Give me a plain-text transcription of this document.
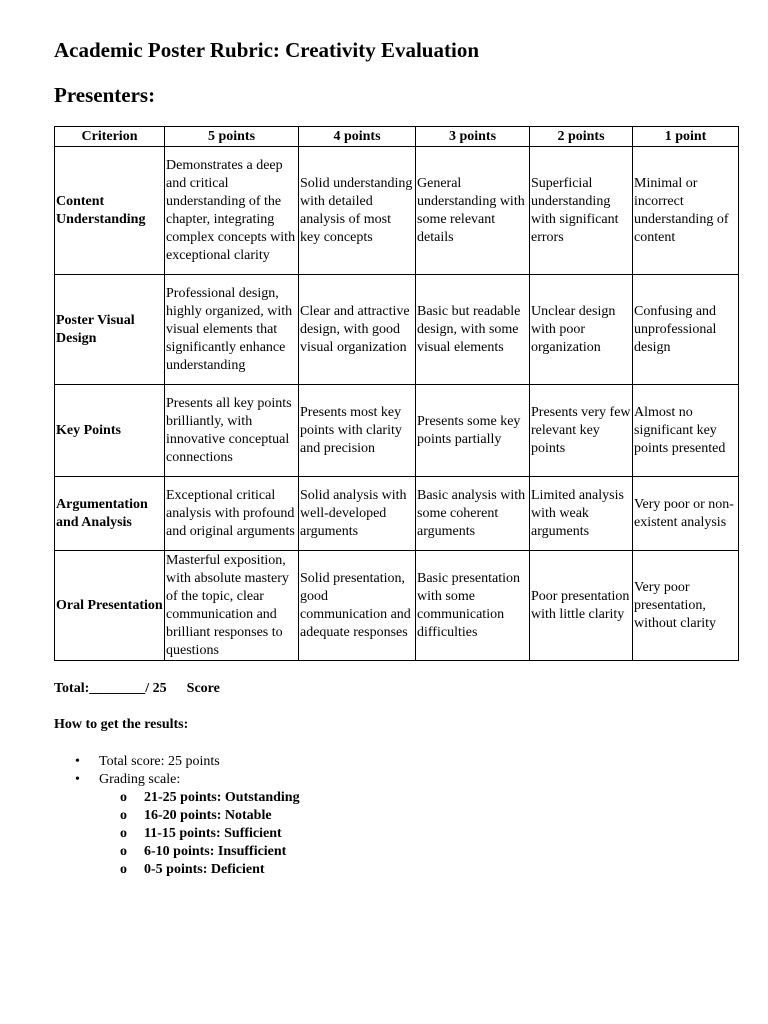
Academic Poster Rubric: Creativity Evaluation
Presenters:
Criterion	5 points	4 points	3 points	2 points	1 point
Content Understanding	Demonstrates a deep and critical understanding of the chapter, integrating complex concepts with exceptional clarity	Solid understanding with detailed analysis of most key concepts	General understanding with some relevant details	Superficial understanding with significant errors	Minimal or incorrect understanding of content
Poster Visual Design	Professional design, highly organized, with visual elements that significantly enhance understanding	Clear and attractive design, with good visual organization	Basic but readable design, with some visual elements	Unclear design with poor organization	Confusing and unprofessional design
Key Points	Presents all key points brilliantly, with innovative conceptual connections	Presents most key points with clarity and precision	Presents some key points partially	Presents very few relevant key points	Almost no significant key points presented
Argumentation and Analysis	Exceptional critical analysis with profound and original arguments	Solid analysis with well-developed arguments	Basic analysis with some coherent arguments	Limited analysis with weak arguments	Very poor or non-existent analysis
Oral Presentation	Masterful exposition, with absolute mastery of the topic, clear communication and brilliant responses to questions	Solid presentation, good communication and adequate responses	Basic presentation with some communication difficulties	Poor presentation with little clarity	Very poor presentation, without clarity
Total:________/ 25 Score
How to get the results:
• Total score: 25 points
• Grading scale:
o 21-25 points: Outstanding
o 16-20 points: Notable
o 11-15 points: Sufficient
o 6-10 points: Insufficient
o 0-5 points: Deficient
